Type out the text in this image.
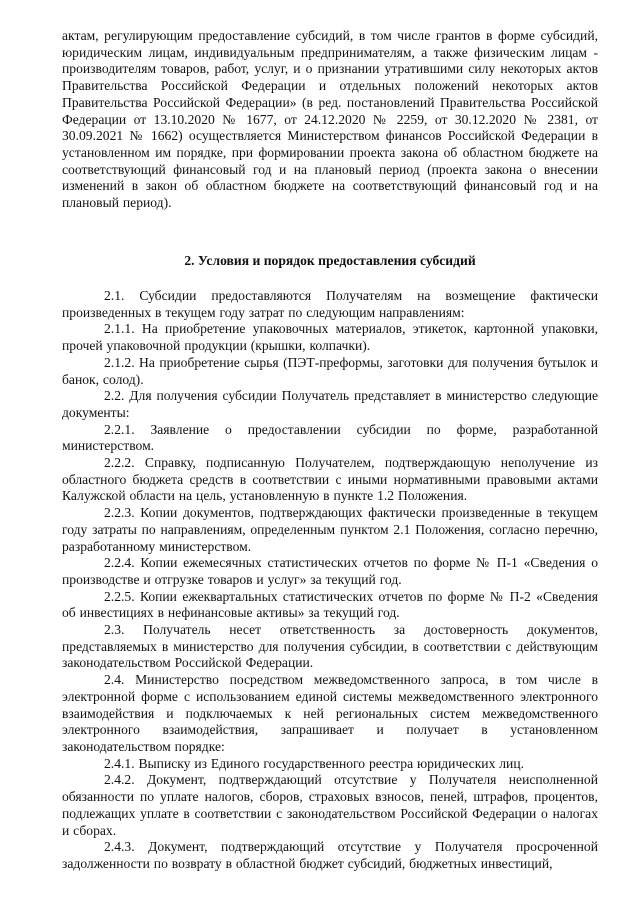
актам, регулирующим предоставление субсидий, в том числе грантов в форме субсидий, юридическим лицам, индивидуальным предпринимателям, а также физическим лицам - производителям товаров, работ, услуг, и о признании утратившими силу некоторых актов Правительства Российской Федерации и отдельных положений некоторых актов Правительства Российской Федерации» (в ред. постановлений Правительства Российской Федерации от 13.10.2020 № 1677, от 24.12.2020 № 2259, от 30.12.2020 № 2381, от 30.09.2021 № 1662) осуществляется Министерством финансов Российской Федерации в установленном им порядке, при формировании проекта закона об областном бюджете на соответствующий финансовый год и на плановый период (проекта закона о внесении изменений в закон об областном бюджете на соответствующий финансовый год и на плановый период).

2. Условия и порядок предоставления субсидий

2.1. Субсидии предоставляются Получателям на возмещение фактически произведенных в текущем году затрат по следующим направлениям:

2.1.1. На приобретение упаковочных материалов, этикеток, картонной упаковки, прочей упаковочной продукции (крышки, колпачки).

2.1.2. На приобретение сырья (ПЭТ-преформы, заготовки для получения бутылок и банок, солод).

2.2. Для получения субсидии Получатель представляет в министерство следующие документы:

2.2.1. Заявление о предоставлении субсидии по форме, разработанной министерством.

2.2.2. Справку, подписанную Получателем, подтверждающую неполучение из областного бюджета средств в соответствии с иными нормативными правовыми актами Калужской области на цель, установленную в пункте 1.2 Положения.

2.2.3. Копии документов, подтверждающих фактически произведенные в текущем году затраты по направлениям, определенным пунктом 2.1 Положения, согласно перечню, разработанному министерством.

2.2.4. Копии ежемесячных статистических отчетов по форме № П-1 «Сведения о производстве и отгрузке товаров и услуг» за текущий год.

2.2.5. Копии ежеквартальных статистических отчетов по форме № П-2 «Сведения об инвестициях в нефинансовые активы» за текущий год.

2.3. Получатель несет ответственность за достоверность документов, представляемых в министерство для получения субсидии, в соответствии с действующим законодательством Российской Федерации.

2.4. Министерство посредством межведомственного запроса, в том числе в электронной форме с использованием единой системы межведомственного электронного взаимодействия и подключаемых к ней региональных систем межведомственного электронного взаимодействия, запрашивает и получает в установленном законодательством порядке:

2.4.1. Выписку из Единого государственного реестра юридических лиц.

2.4.2. Документ, подтверждающий отсутствие у Получателя неисполненной обязанности по уплате налогов, сборов, страховых взносов, пеней, штрафов, процентов, подлежащих уплате в соответствии с законодательством Российской Федерации о налогах и сборах.

2.4.3. Документ, подтверждающий отсутствие у Получателя просроченной задолженности по возврату в областной бюджет субсидий, бюджетных инвестиций,
